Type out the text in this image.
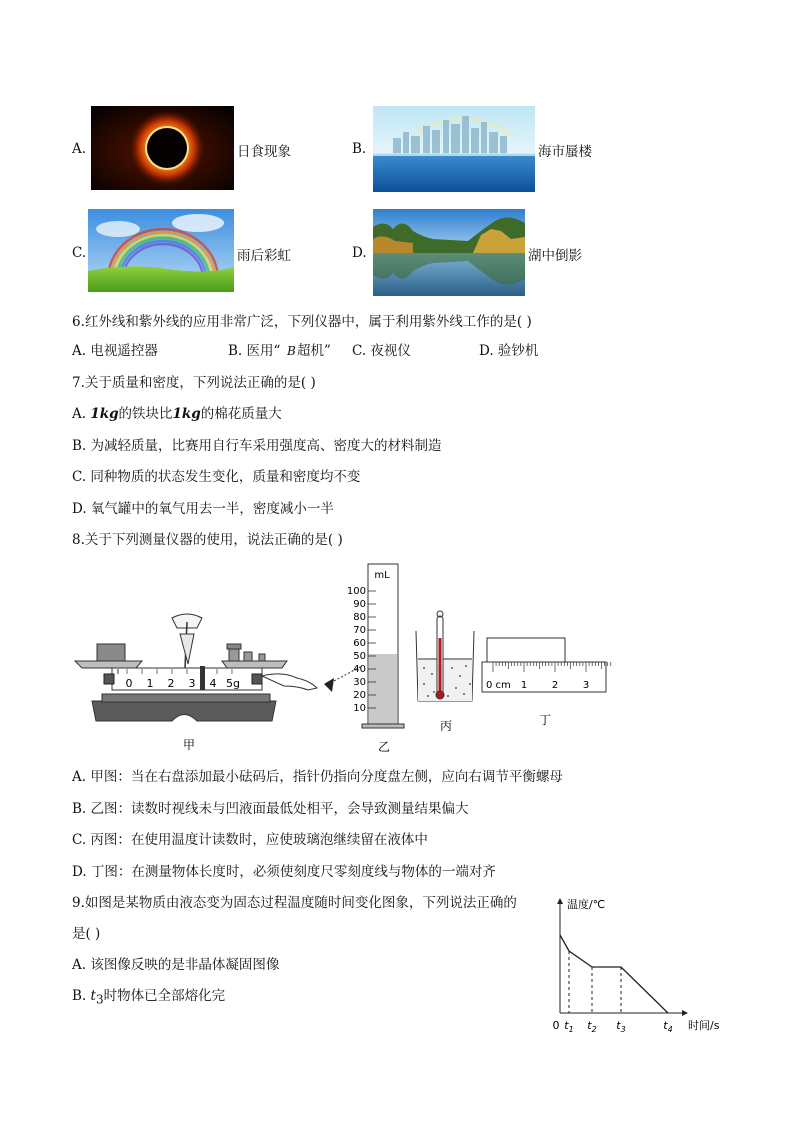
A.	日食现象	B.	海市蜃楼
C.	雨后彩虹	D.	湖中倒影
6.红外线和紫外线的应用非常广泛，下列仪器中，属于利用紫外线工作的是( )
A. 电视遥控器	B. 医用“ B 超机” C. 夜视仪	D. 验钞机
7.关于质量和密度，下列说法正确的是( )
A. 1kg的铁块比1kg的棉花质量大
B. 为减轻质量，比赛用自行车采用强度高、密度大的材料制造
C. 同种物质的状态发生变化，质量和密度均不变
D. 氧气罐中的氧气用去一半，密度减小一半
8.关于下列测量仪器的使用，说法正确的是( )
0 1 2 3 4 5g
甲
mL
100
90
80
70
60
50
40
30
20
10
乙
丙
0 cm 1 2 3
丁
A. 甲图：当在右盘添加最小砝码后，指针仍指向分度盘左侧，应向右调节平衡螺母
B. 乙图：读数时视线未与凹液面最低处相平，会导致测量结果偏大
C. 丙图：在使用温度计读数时，应使玻璃泡继续留在液体中
D. 丁图：在测量物体长度时，必须使刻度尺零刻度线与物体的一端对齐
9.如图是某物质由液态变为固态过程温度随时间变化图象，下列说法正确的
是( )
A. 该图像反映的是非晶体凝固图像
B. $t_3$时物体已全部熔化完
温度/℃
时间/s
0 $t_1$ $t_2$ $t_3$	$t_4$
